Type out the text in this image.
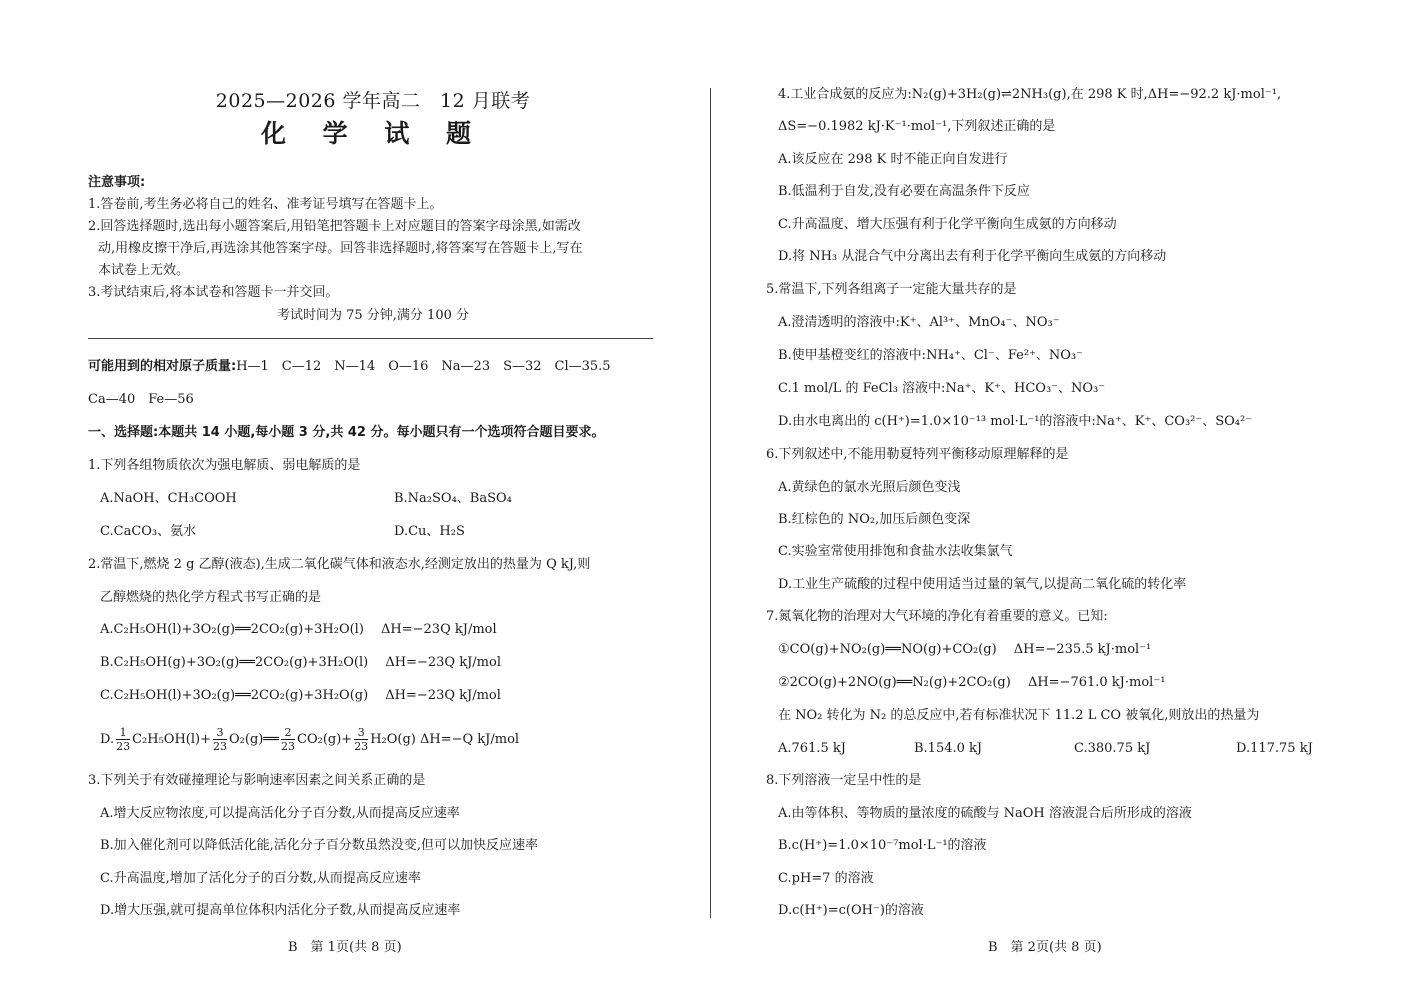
2025—2026 学年高二　12 月联考
化 学 试 题
注意事项:
1.答卷前,考生务必将自己的姓名、准考证号填写在答题卡上。
2.回答选择题时,选出每小题答案后,用铅笔把答题卡上对应题目的答案字母涂黑,如需改
动,用橡皮擦干净后,再选涂其他答案字母。回答非选择题时,将答案写在答题卡上,写在
本试卷上无效。
3.考试结束后,将本试卷和答题卡一并交回。
考试时间为 75 分钟,满分 100 分
可能用到的相对原子质量:H—1　C—12　N—14　O—16　Na—23　S—32　Cl—35.5
Ca—40　Fe—56
一、选择题:本题共 14 小题,每小题 3 分,共 42 分。每小题只有一个选项符合题目要求。
1.下列各组物质依次为强电解质、弱电解质的是
A.NaOH、CH₃COOH	B.Na₂SO₄、BaSO₄
C.CaCO₃、氨水	D.Cu、H₂S
2.常温下,燃烧 2 g 乙醇(液态),生成二氧化碳气体和液态水,经测定放出的热量为 Q kJ,则
乙醇燃烧的热化学方程式书写正确的是
A.C₂H₅OH(l)+3O₂(g)══2CO₂(g)+3H₂O(l)　 ΔH=−23Q kJ/mol
B.C₂H₅OH(g)+3O₂(g)══2CO₂(g)+3H₂O(l)　 ΔH=−23Q kJ/mol
C.C₂H₅OH(l)+3O₂(g)══2CO₂(g)+3H₂O(g)　 ΔH=−23Q kJ/mol
D. $\frac{1}{23} C_2H_5OH(l)+ \frac{3}{23}$ O₂(g)══ $\frac{2}{23} CO_2(g)+ \frac{3}{23} H_2O(g)$ ΔH=−Q kJ/mol
3.下列关于有效碰撞理论与影响速率因素之间关系正确的是
A.增大反应物浓度,可以提高活化分子百分数,从而提高反应速率
B.加入催化剂可以降低活化能,活化分子百分数虽然没变,但可以加快反应速率
C.升高温度,增加了活化分子的百分数,从而提高反应速率
D.增大压强,就可提高单位体积内活化分子数,从而提高反应速率
B　第 1页(共 8 页)
4.工业合成氨的反应为:N₂(g)+3H₂(g)⇌2NH₃(g),在 298 K 时,ΔH=−92.2 kJ·mol⁻¹,
ΔS=−0.1982 kJ·K⁻¹·mol⁻¹,下列叙述正确的是
A.该反应在 298 K 时不能正向自发进行
B.低温利于自发,没有必要在高温条件下反应
C.升高温度、增大压强有利于化学平衡向生成氨的方向移动
D.将 NH₃ 从混合气中分离出去有利于化学平衡向生成氨的方向移动
5.常温下,下列各组离子一定能大量共存的是
A.澄清透明的溶液中:K⁺、Al³⁺、MnO₄⁻、NO₃⁻
B.使甲基橙变红的溶液中:NH₄⁺、Cl⁻、Fe²⁺、NO₃⁻
C.1 mol/L 的 FeCl₃ 溶液中:Na⁺、K⁺、HCO₃⁻、NO₃⁻
D.由水电离出的 c(H⁺)=1.0×10⁻¹³ mol·L⁻¹的溶液中:Na⁺、K⁺、CO₃²⁻、SO₄²⁻
6.下列叙述中,不能用勒夏特列平衡移动原理解释的是
A.黄绿色的氯水光照后颜色变浅
B.红棕色的 NO₂,加压后颜色变深
C.实验室常使用排饱和食盐水法收集氯气
D.工业生产硫酸的过程中使用适当过量的氧气,以提高二氧化硫的转化率
7.氮氧化物的治理对大气环境的净化有着重要的意义。已知:
①CO(g)+NO₂(g)══NO(g)+CO₂(g)　 ΔH=−235.5 kJ·mol⁻¹
②2CO(g)+2NO(g)══N₂(g)+2CO₂(g)　 ΔH=−761.0 kJ·mol⁻¹
在 NO₂ 转化为 N₂ 的总反应中,若有标准状况下 11.2 L CO 被氧化,则放出的热量为
A.761.5 kJ	B.154.0 kJ	C.380.75 kJ	D.117.75 kJ
8.下列溶液一定呈中性的是
A.由等体积、等物质的量浓度的硫酸与 NaOH 溶液混合后所形成的溶液
B.c(H⁺)=1.0×10⁻⁷mol·L⁻¹的溶液
C.pH=7 的溶液
D.c(H⁺)=c(OH⁻)的溶液
B　第 2页(共 8 页)
